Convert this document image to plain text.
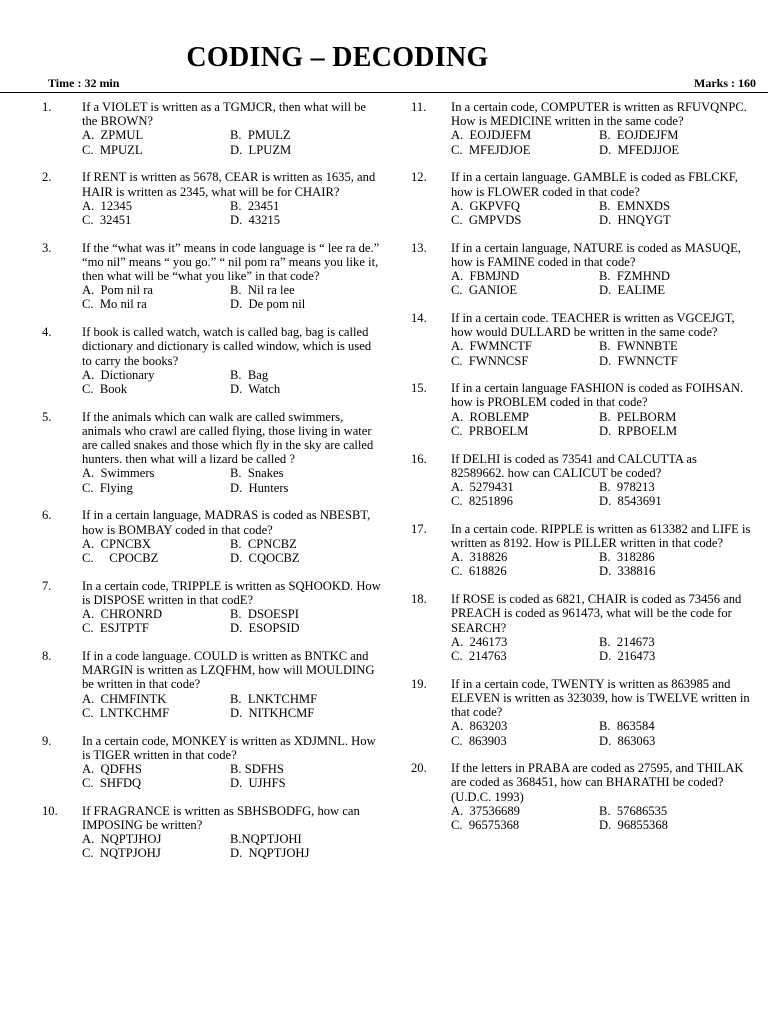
CODING – DECODING
Time : 32 min	Marks : 160
1. If a VIOLET is written as a TGMJCR, then what will be the BROWN?
A.  ZPMUL	B.  PMULZ
C.  MPUZL	D.  LPUZM
2. If RENT is written as 5678, CEAR is written as 1635, and HAIR is written as 2345, what will be for CHAIR?
A.  12345	B.  23451
C.  32451	D.  43215
3. If the “what was it” means in code language is “ lee ra de.” “mo nil” means “ you go.” “ nil pom ra” means you like it, then what will be “what you like” in that code?
A.  Pom nil ra	B.  Nil ra lee
C.  Mo nil ra	D.  De pom nil
4. If book is called watch, watch is called bag, bag is called dictionary and dictionary is called window, which is used to carry the books?
A.  Dictionary	B.  Bag
C.  Book	D.  Watch
5. If the animals which can walk are called swimmers, animals who crawl are called flying, those living in water are called snakes and those which fly in the sky are called hunters. then what will a lizard be called ?
A.  Swimmers	B.  Snakes
C.  Flying	D.  Hunters
6. If in a certain language, MADRAS is coded as NBESBT, how is BOMBAY coded in that code?
A.  CPNCBX	B.  CPNCBZ
C.     CPOCBZ	D.  CQOCBZ
7. In a certain code, TRIPPLE is written as SQHOOKD. How is DISPOSE written in that codE?
A.  CHRONRD	B.  DSOESPI
C.  ESJTPTF	D.  ESOPSID
8. If in a code language. COULD is written as BNTKC and MARGIN is written as LZQFHM, how will MOULDING be written in that code?
A.  CHMFINTK	B.  LNKTCHMF
C.  LNTKCHMF	D.  NITKHCMF
9. In a certain code, MONKEY is written as XDJMNL. How is TIGER written in that code?
A.  QDFHS	B. SDFHS
C.  SHFDQ	D.  UJHFS
10. If FRAGRANCE is written as SBHSBODFG, how can IMPOSING be written?
A.  NQPTJHOJ	B.NQPTJOHI
C.  NQTPJOHJ	D.  NQPTJOHJ
11. In a certain code, COMPUTER is written as RFUVQNPC. How is MEDICINE written in the same code?
A.  EOJDJEFM	B.  EOJDEJFM
C.  MFEJDJOE	D.  MFEDJJOE
12. If in a certain language. GAMBLE is coded as FBLCKF, how is FLOWER coded in that code?
A.  GKPVFQ	B.  EMNXDS
C.  GMPVDS	D.  HNQYGT
13. If in a certain language, NATURE is coded as MASUQE, how is FAMINE coded in that code?
A.  FBMJND	B.  FZMHND
C.  GANIOE	D.  EALIME
14. If in a certain code. TEACHER is written as VGCEJGT, how would DULLARD be written in the same code?
A.  FWMNCTF	B.  FWNNBTE
C.  FWNNCSF	D.  FWNNCTF
15. If in a certain language FASHION is coded as FOIHSAN. how is PROBLEM coded in that code?
A.  ROBLEMP	B.  PELBORM
C.  PRBOELM	D.  RPBOELM
16. If DELHI is coded as 73541 and CALCUTTA as 82589662. how can CALICUT be coded?
A.  5279431	B.  978213
C.  8251896	D.  8543691
17. In a certain code. RIPPLE is written as 613382 and LIFE is written as 8192. How is PILLER written in that code?
A.  318826	B.  318286
C.  618826	D.  338816
18. If ROSE is coded as 6821, CHAIR is coded as 73456 and PREACH is coded as 961473, what will be the code for SEARCH?
A.  246173	B.  214673
C.  214763	D.  216473
19. If in a certain code, TWENTY is written as 863985 and ELEVEN is written as 323039, how is TWELVE written in that code?
A.  863203	B.  863584
C.  863903	D.  863063
20. If the letters in PRABA are coded as 27595, and THILAK are coded as 368451, how can BHARATHI be coded? (U.D.C. 1993)
A.  37536689	B.  57686535
C.  96575368	D.  96855368
